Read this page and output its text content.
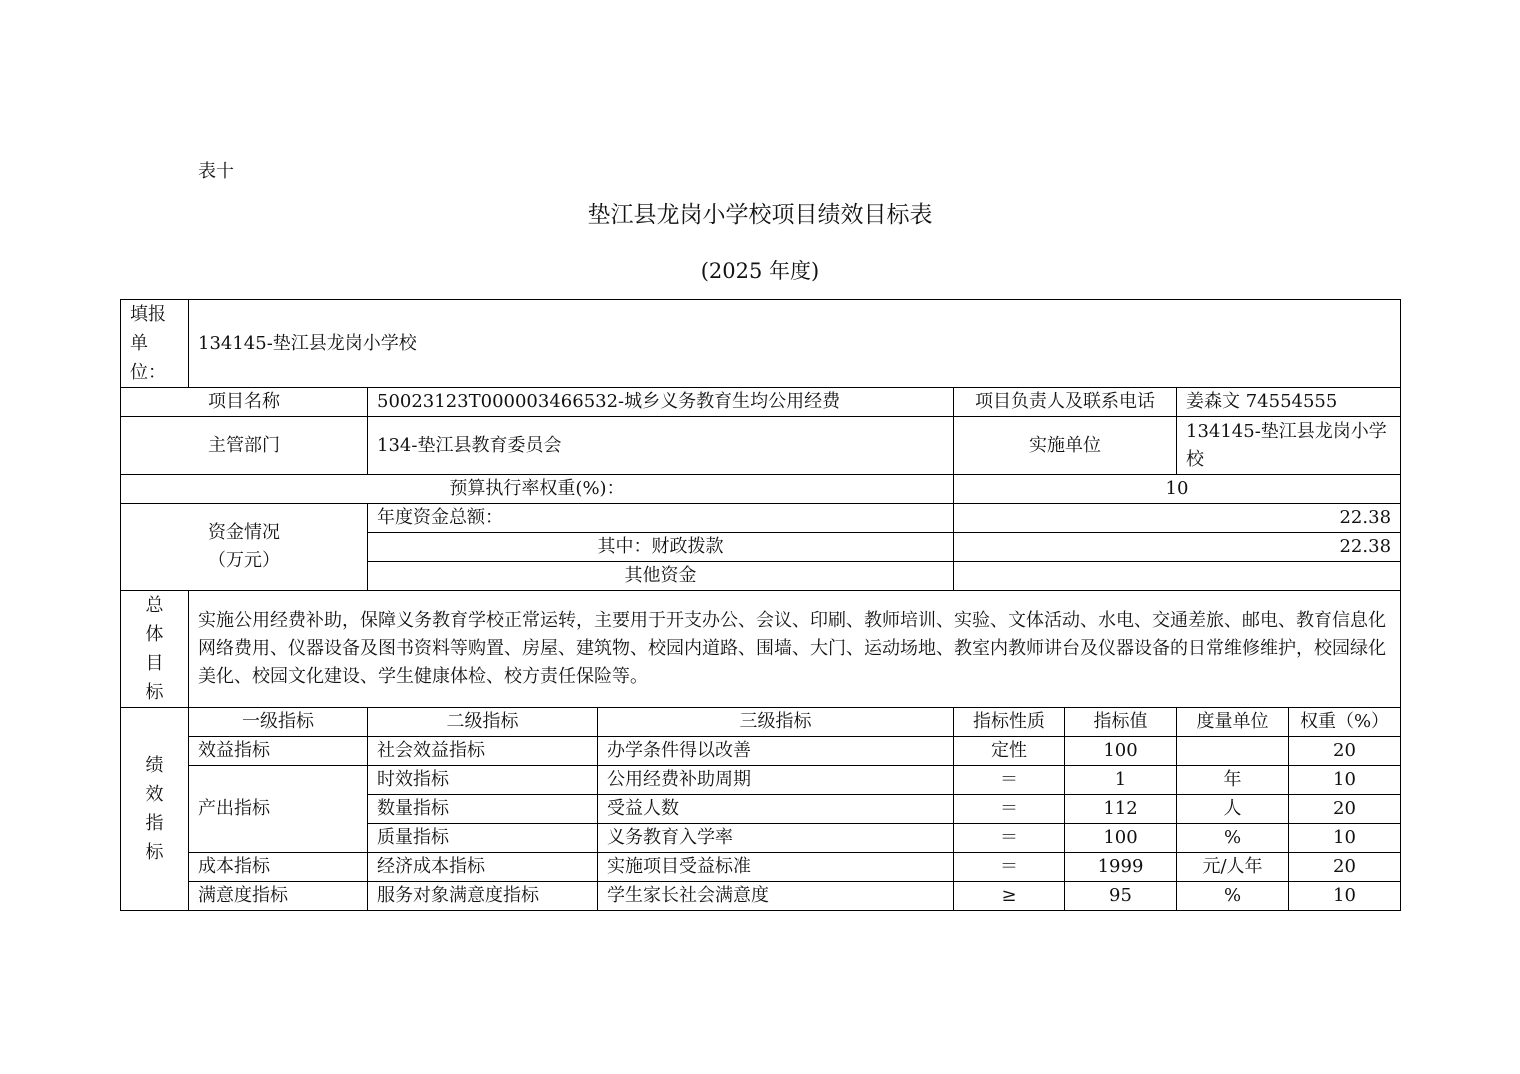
表十
垫江县龙岗小学校项目绩效目标表
(2025 年度)
填报
单
位：	134145-垫江县龙岗小学校						
项目名称		50023123T000003466532-城乡义务教育生均公用经费		项目负责人及联系电话		姜森文 74554555	
主管部门		134-垫江县教育委员会		实施单位		134145-垫江县龙岗小学校	
预算执行率权重(%)：				10			

资金情况
（万元）		年度资金总额：		22.38			
		其中：财政拨款		22.38			
		其他资金					

总
体
目
标	实施公用经费补助，保障义务教育学校正常运转，主要用于开支办公、会议、印刷、教师培训、实验、文体活动、水电、交通差旅、邮电、教育信息化网络费用、仪器设备及图书资料等购置、房屋、建筑物、校园内道路、围墙、大门、运动场地、教室内教师讲台及仪器设备的日常维修维护，校园绿化美化、校园文化建设、学生健康体检、校方责任保险等。						

绩
效
指
标	一级指标	二级指标	三级指标	指标性质	指标值	度量单位	权重（%）
	效益指标	社会效益指标	办学条件得以改善	定性	100		20
	产出指标	时效指标	公用经费补助周期	＝	1	年	10
		数量指标	受益人数	＝	112	人	20
		质量指标	义务教育入学率	＝	100	%	10
	成本指标	经济成本指标	实施项目受益标准	＝	1999	元/人年	20
	满意度指标	服务对象满意度指标	学生家长社会满意度	≥	95	%	10
